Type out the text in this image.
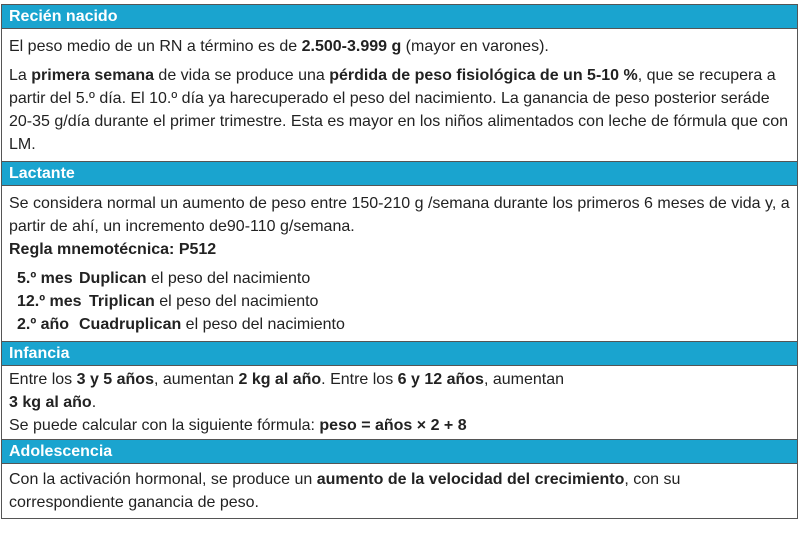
Recién nacido

El peso medio de un RN a término es de 2.500-3.999 g (mayor en varones).

La primera semana de vida se produce una pérdida de peso fisiológica de un 5-10 %, que se recupera a partir del 5.º día. El 10.º día ya harecuperado el peso del nacimiento. La ganancia de peso posterior seráde 20-35 g/día durante el primer trimestre. Esta es mayor en los niños alimentados con leche de fórmula que con LM.

Lactante

Se considera normal un aumento de peso entre 150-210 g /semana durante los primeros 6 meses de vida y, a partir de ahí, un incremento de90-110 g/semana.

Regla mnemotécnica: P512

5.º mes Duplican el peso del nacimiento
12.º mes Triplican el peso del nacimiento
2.º año Cuadruplican el peso del nacimiento
Infancia

Entre los 3 y 5 años, aumentan 2 kg al año. Entre los 6 y 12 años, aumentan
3 kg al año.

Se puede calcular con la siguiente fórmula: peso = años × 2 + 8

Adolescencia

Con la activación hormonal, se produce un aumento de la velocidad del crecimiento, con su correspondiente ganancia de peso.
